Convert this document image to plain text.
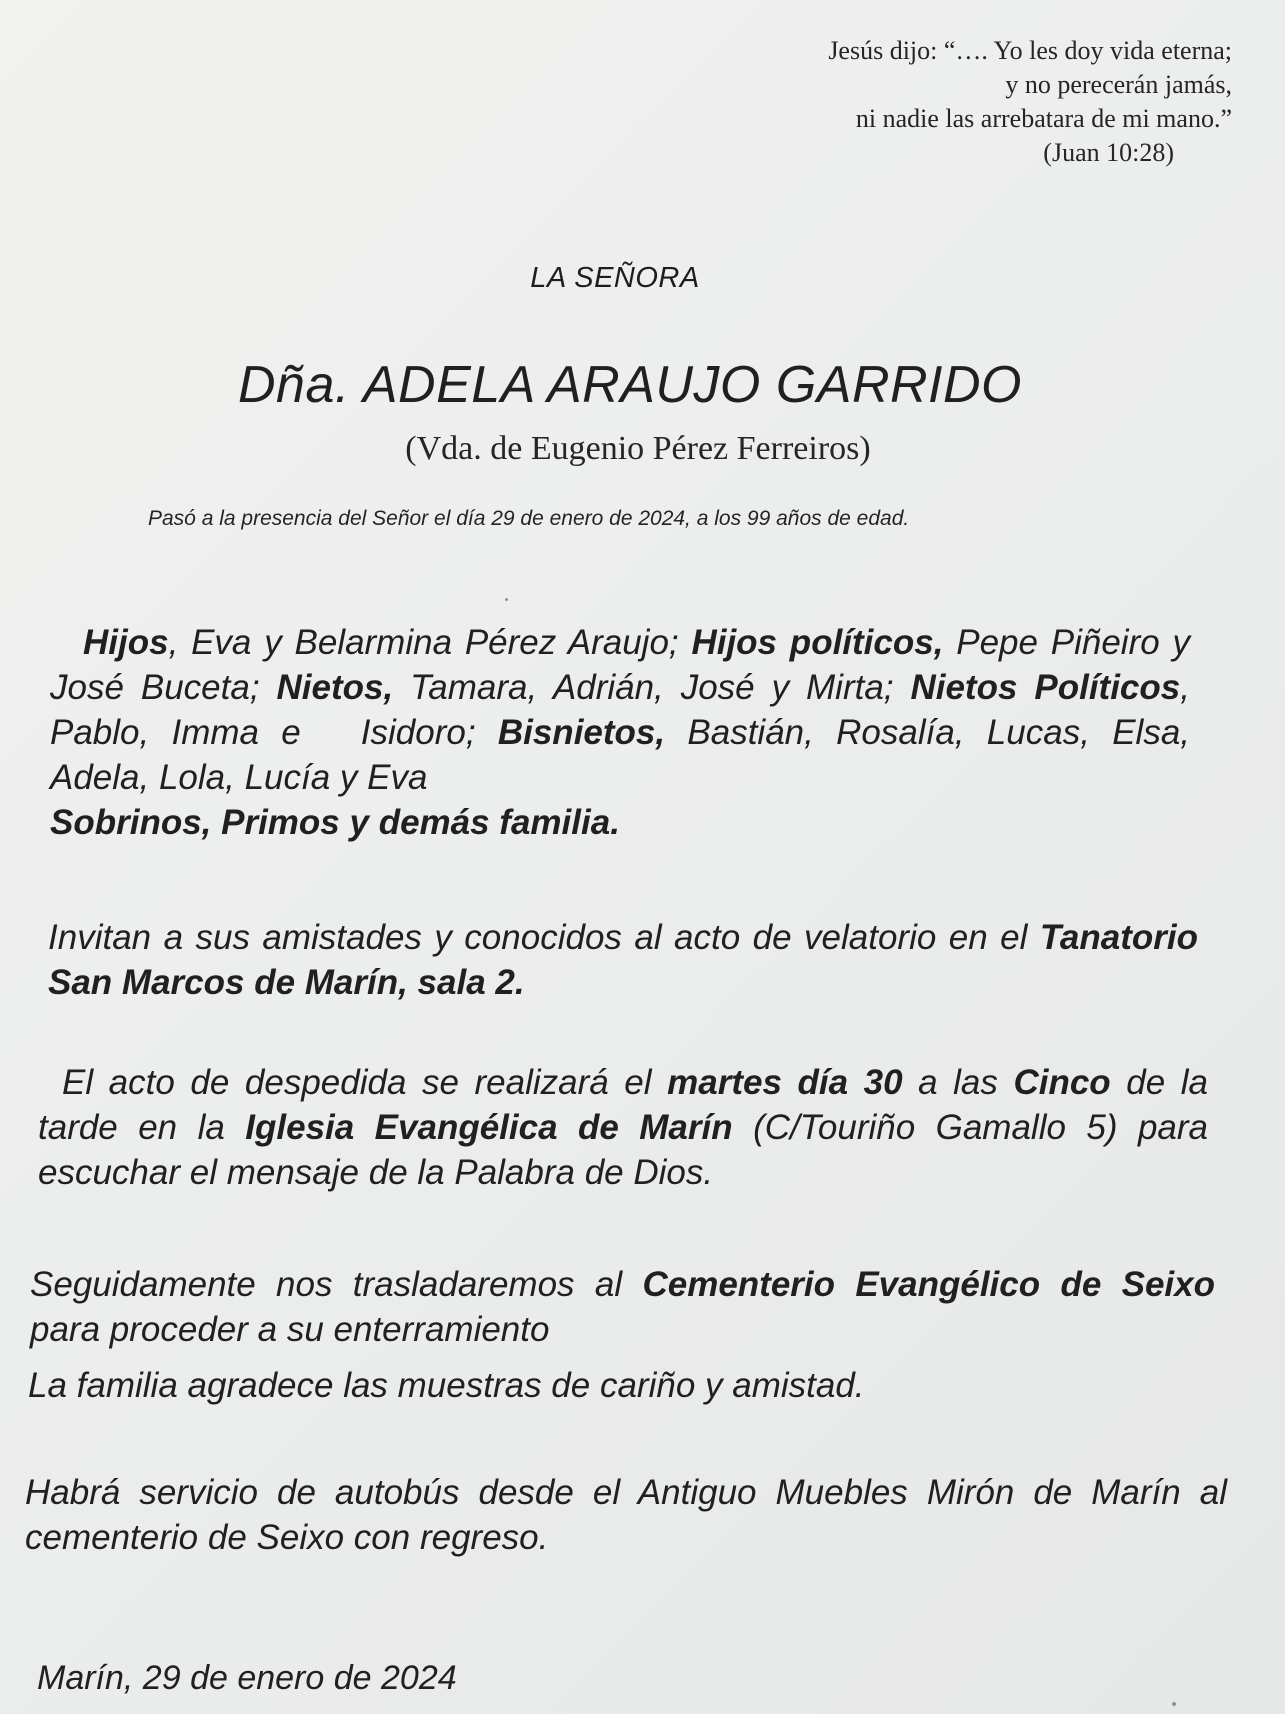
Jesús dijo: “…. Yo les doy vida eterna;
y no perecerán jamás,
ni nadie las arrebatara de mi mano.”
(Juan 10:28)
LA SEÑORA
Dña. ADELA ARAUJO GARRIDO
(Vda. de Eugenio Pérez Ferreiros)
Pasó a la presencia del Señor el día 29 de enero de 2024, a los 99 años de edad.
Hijos, Eva y Belarmina Pérez Araujo; Hijos políticos, Pepe Piñeiro y José Buceta; Nietos, Tamara, Adrián, José y Mirta; Nietos Políticos, Pablo, Imma e Isidoro; Bisnietos, Bastián, Rosalía, Lucas, Elsa, Adela, Lola, Lucía y Eva
Sobrinos, Primos y demás familia.
Invitan a sus amistades y conocidos al acto de velatorio en el Tanatorio San Marcos de Marín, sala 2.
El acto de despedida se realizará el martes día 30 a las Cinco de la tarde en la Iglesia Evangélica de Marín (C/Touriño Gamallo 5) para escuchar el mensaje de la Palabra de Dios.
Seguidamente nos trasladaremos al Cementerio Evangélico de Seixo para proceder a su enterramiento
La familia agradece las muestras de cariño y amistad.
Habrá servicio de autobús desde el Antiguo Muebles Mirón de Marín al cementerio de Seixo con regreso.
Marín, 29 de enero de 2024
